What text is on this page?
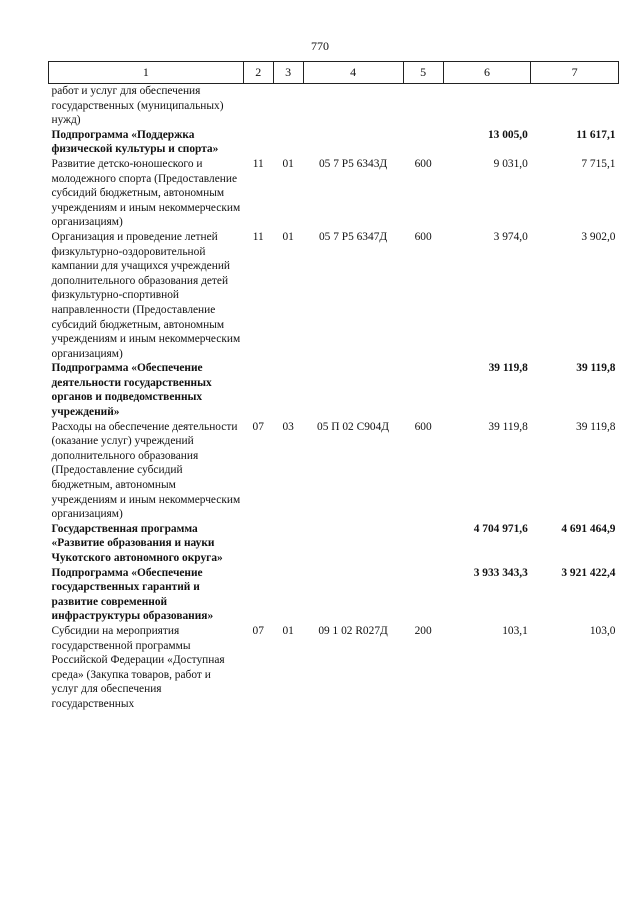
770
1	2	3	4	5	6	7
работ и услуг для обеспечения государственных (муниципальных) нужд)						
Подпрограмма «Поддержка физической культуры и спорта»					13 005,0	11 617,1
Развитие детско-юношеского и молодежного спорта (Предоставление субсидий бюджетным, автономным учреждениям и иным некоммерческим организациям)	11	01	05 7 Р5 6343Д	600	9 031,0	7 715,1
Организация и проведение летней физкультурно-оздоровительной кампании для учащихся учреждений дополнительного образования детей физкультурно-спортивной направленности (Предоставление субсидий бюджетным, автономным учреждениям и иным некоммерческим организациям)	11	01	05 7 Р5 6347Д	600	3 974,0	3 902,0
Подпрограмма «Обеспечение деятельности государственных органов и подведомственных учреждений»					39 119,8	39 119,8
Расходы на обеспечение деятельности (оказание услуг) учреждений дополнительного образования (Предоставление субсидий бюджетным, автономным учреждениям и иным некоммерческим организациям)	07	03	05 П 02 С904Д	600	39 119,8	39 119,8
Государственная программа «Развитие образования и науки Чукотского автономного округа»					4 704 971,6	4 691 464,9
Подпрограмма «Обеспечение государственных гарантий и развитие современной инфраструктуры образования»					3 933 343,3	3 921 422,4
Субсидии на мероприятия государственной программы Российской Федерации «Доступная среда» (Закупка товаров, работ и услуг для обеспечения государственных	07	01	09 1 02 R027Д	200	103,1	103,0
